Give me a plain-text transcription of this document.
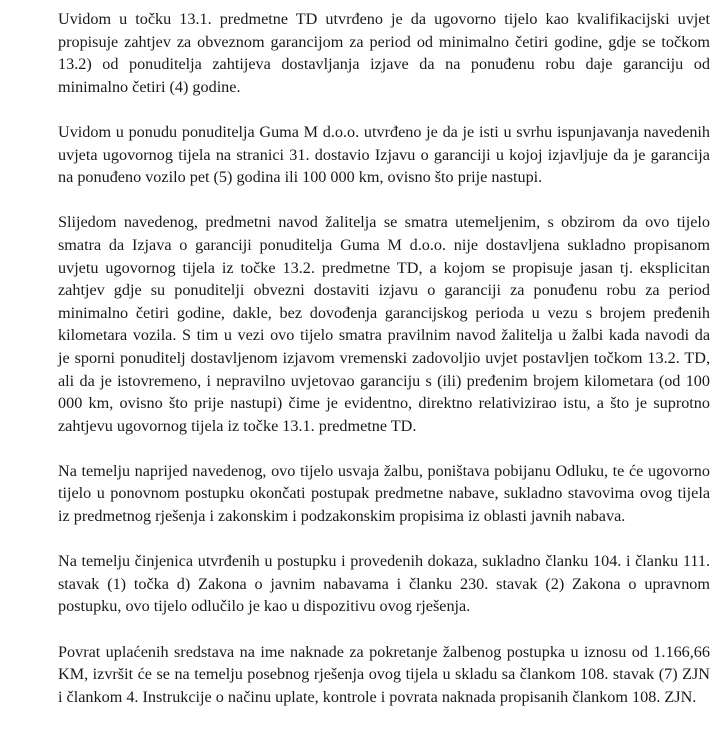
Uvidom u točku 13.1. predmetne TD utvrđeno je da ugovorno tijelo kao kvalifikacijski uvjet
propisuje zahtjev za obveznom garancijom za period od minimalno četiri godine, gdje se točkom
13.2) od ponuditelja zahtijeva dostavljanja izjave da na ponuđenu robu daje garanciju od
minimalno četiri (4) godine.

Uvidom u ponudu ponuditelja Guma M d.o.o. utvrđeno je da je isti u svrhu ispunjavanja navedenih
uvjeta ugovornog tijela na stranici 31. dostavio Izjavu o garanciji u kojoj izjavljuje da je garancija
na ponuđeno vozilo pet (5) godina ili 100 000 km, ovisno što prije nastupi.

Slijedom navedenog, predmetni navod žalitelja se smatra utemeljenim, s obzirom da ovo tijelo
smatra da Izjava o garanciji ponuditelja Guma M d.o.o. nije dostavljena sukladno propisanom
uvjetu ugovornog tijela iz točke 13.2. predmetne TD, a kojom se propisuje jasan tj. eksplicitan
zahtjev gdje su ponuditelji obvezni dostaviti izjavu o garanciji za ponuđenu robu za period
minimalno četiri godine, dakle, bez dovođenja garancijskog perioda u vezu s brojem pređenih
kilometara vozila. S tim u vezi ovo tijelo smatra pravilnim navod žalitelja u žalbi kada navodi da
je sporni ponuditelj dostavljenom izjavom vremenski zadovoljio uvjet postavljen točkom 13.2. TD,
ali da je istovremeno, i nepravilno uvjetovao garanciju s (ili) pređenim brojem kilometara (od 100
000 km, ovisno što prije nastupi) čime je evidentno, direktno relativizirao istu, a što je suprotno
zahtjevu ugovornog tijela iz točke 13.1. predmetne TD.

Na temelju naprijed navedenog, ovo tijelo usvaja žalbu, poništava pobijanu Odluku, te će ugovorno
tijelo u ponovnom postupku okončati postupak predmetne nabave, sukladno stavovima ovog tijela
iz predmetnog rješenja i zakonskim i podzakonskim propisima iz oblasti javnih nabava.

Na temelju činjenica utvrđenih u postupku i provedenih dokaza, sukladno članku 104. i članku 111.
stavak (1) točka d) Zakona o javnim nabavama i članku 230. stavak (2) Zakona o upravnom
postupku, ovo tijelo odlučilo je kao u dispozitivu ovog rješenja.

Povrat uplaćenih sredstava na ime naknade za pokretanje žalbenog postupka u iznosu od 1.166,66
KM, izvršit će se na temelju posebnog rješenja ovog tijela u skladu sa člankom 108. stavak (7) ZJN
i člankom 4. Instrukcije o načinu uplate, kontrole i povrata naknada propisanih člankom 108. ZJN.
